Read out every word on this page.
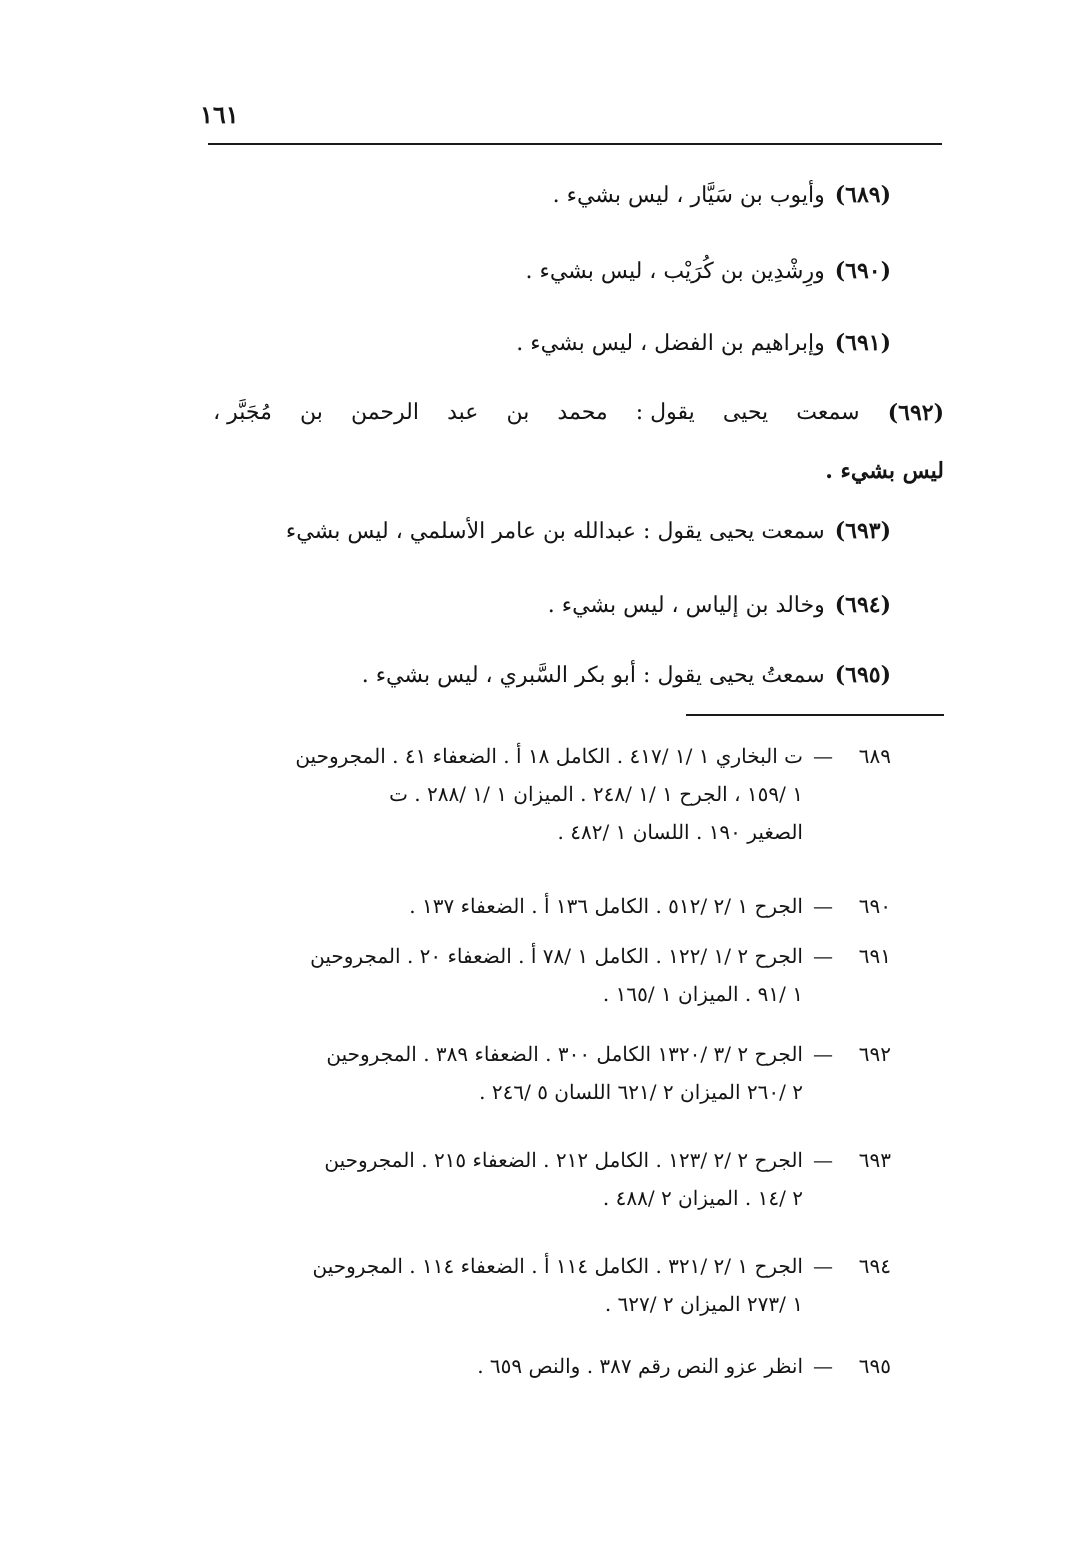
١٦١
(٦٨٩)وأيوب بن سَيَّار ، ليس بشيء .
(٦٩٠)ورِشْدِين بن كُرَيْب ، ليس بشيء .
(٦٩١)وإبراهيم بن الفضل ، ليس بشيء .
(٦٩٢)
سمعت
يحيى
يقول :
محمد
بن
عبد
الرحمن
بن
مُجَبَّر ،
ليس بشيء .
(٦٩٣)سمعت يحيى يقول : عبدالله بن عامر الأسلمي ، ليس بشيء
(٦٩٤)وخالد بن إلياس ، ليس بشيء .
(٦٩٥)سمعتُ يحيى يقول : أبو بكر السَّبري ، ليس بشيء .
٦٨٩—ت البخاري ١ /١ /٤١٧ . الكامل ١٨ أ . الضعفاء ٤١ . المجروحين
١ /١٥٩ ، الجرح ١ /١ /٢٤٨ . الميزان ١ /١ /٢٨٨ . ت
الصغير ١٩٠ . اللسان ١ /٤٨٢ .
٦٩٠—الجرح ١ /٢ /٥١٢ . الكامل ١٣٦ أ . الضعفاء ١٣٧ .
٦٩١—الجرح ٢ /١ /١٢٢ . الكامل ١ /٧٨ أ . الضعفاء ٢٠ . المجروحين
١ /٩١ . الميزان ١ /١٦٥ .
٦٩٢—الجرح ٢ /٣ /١٣٢٠ الكامل ٣٠٠ . الضعفاء ٣٨٩ . المجروحين
٢ /٢٦٠ الميزان ٢ /٦٢١ اللسان ٥ /٢٤٦ .
٦٩٣—الجرح ٢ /٢ /١٢٣ . الكامل ٢١٢ . الضعفاء ٢١٥ . المجروحين
٢ /١٤ . الميزان ٢ /٤٨٨ .
٦٩٤—الجرح ١ /٢ /٣٢١ . الكامل ١١٤ أ . الضعفاء ١١٤ . المجروحين
١ /٢٧٣ الميزان ٢ /٦٢٧ .
٦٩٥—انظر عزو النص رقم ٣٨٧ . والنص ٦٥٩ .
